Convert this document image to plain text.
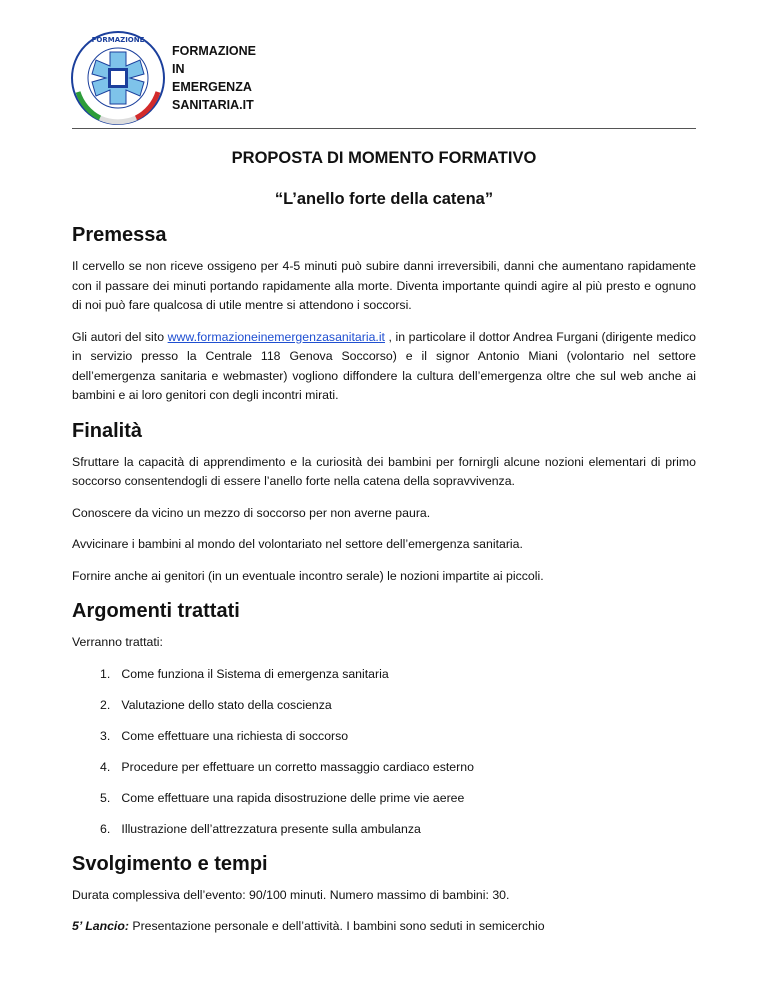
FORMAZIONE
FORMAZIONE
IN
EMERGENZA
SANITARIA.IT
PROPOSTA DI MOMENTO FORMATIVO
“L’anello forte della catena”
Premessa

Il cervello se non riceve ossigeno per 4-5 minuti può subire danni irreversibili, danni che aumentano rapidamente con il passare dei minuti portando rapidamente alla morte. Diventa importante quindi agire al più presto e ognuno di noi può fare qualcosa di utile mentre si attendono i soccorsi.

Gli autori del sito www.formazioneinemergenzasanitaria.it , in particolare il dottor Andrea Furgani (dirigente medico in servizio presso la Centrale 118 Genova Soccorso) e il signor Antonio Miani (volontario nel settore dell’emergenza sanitaria e webmaster) vogliono diffondere la cultura dell’emergenza oltre che sul web anche ai bambini e ai loro genitori con degli incontri mirati.

Finalità

Sfruttare la capacità di apprendimento e la curiosità dei bambini per fornirgli alcune nozioni elementari di primo soccorso consentendogli di essere l’anello forte nella catena della sopravvivenza.

Conoscere da vicino un mezzo di soccorso per non averne paura.

Avvicinare i bambini al mondo del volontariato nel settore dell’emergenza sanitaria.

Fornire anche ai genitori (in un eventuale incontro serale) le nozioni impartite ai piccoli.

Argomenti trattati

Verranno trattati:

1. Come funziona il Sistema di emergenza sanitaria
2. Valutazione dello stato della coscienza
3. Come effettuare una richiesta di soccorso
4. Procedure per effettuare un corretto massaggio cardiaco esterno
5. Come effettuare una rapida disostruzione delle prime vie aeree
6. Illustrazione dell’attrezzatura presente sulla ambulanza
Svolgimento e tempi

Durata complessiva dell’evento: 90/100 minuti. Numero massimo di bambini: 30.

5’ Lancio: Presentazione personale e dell’attività. I bambini sono seduti in semicerchio
